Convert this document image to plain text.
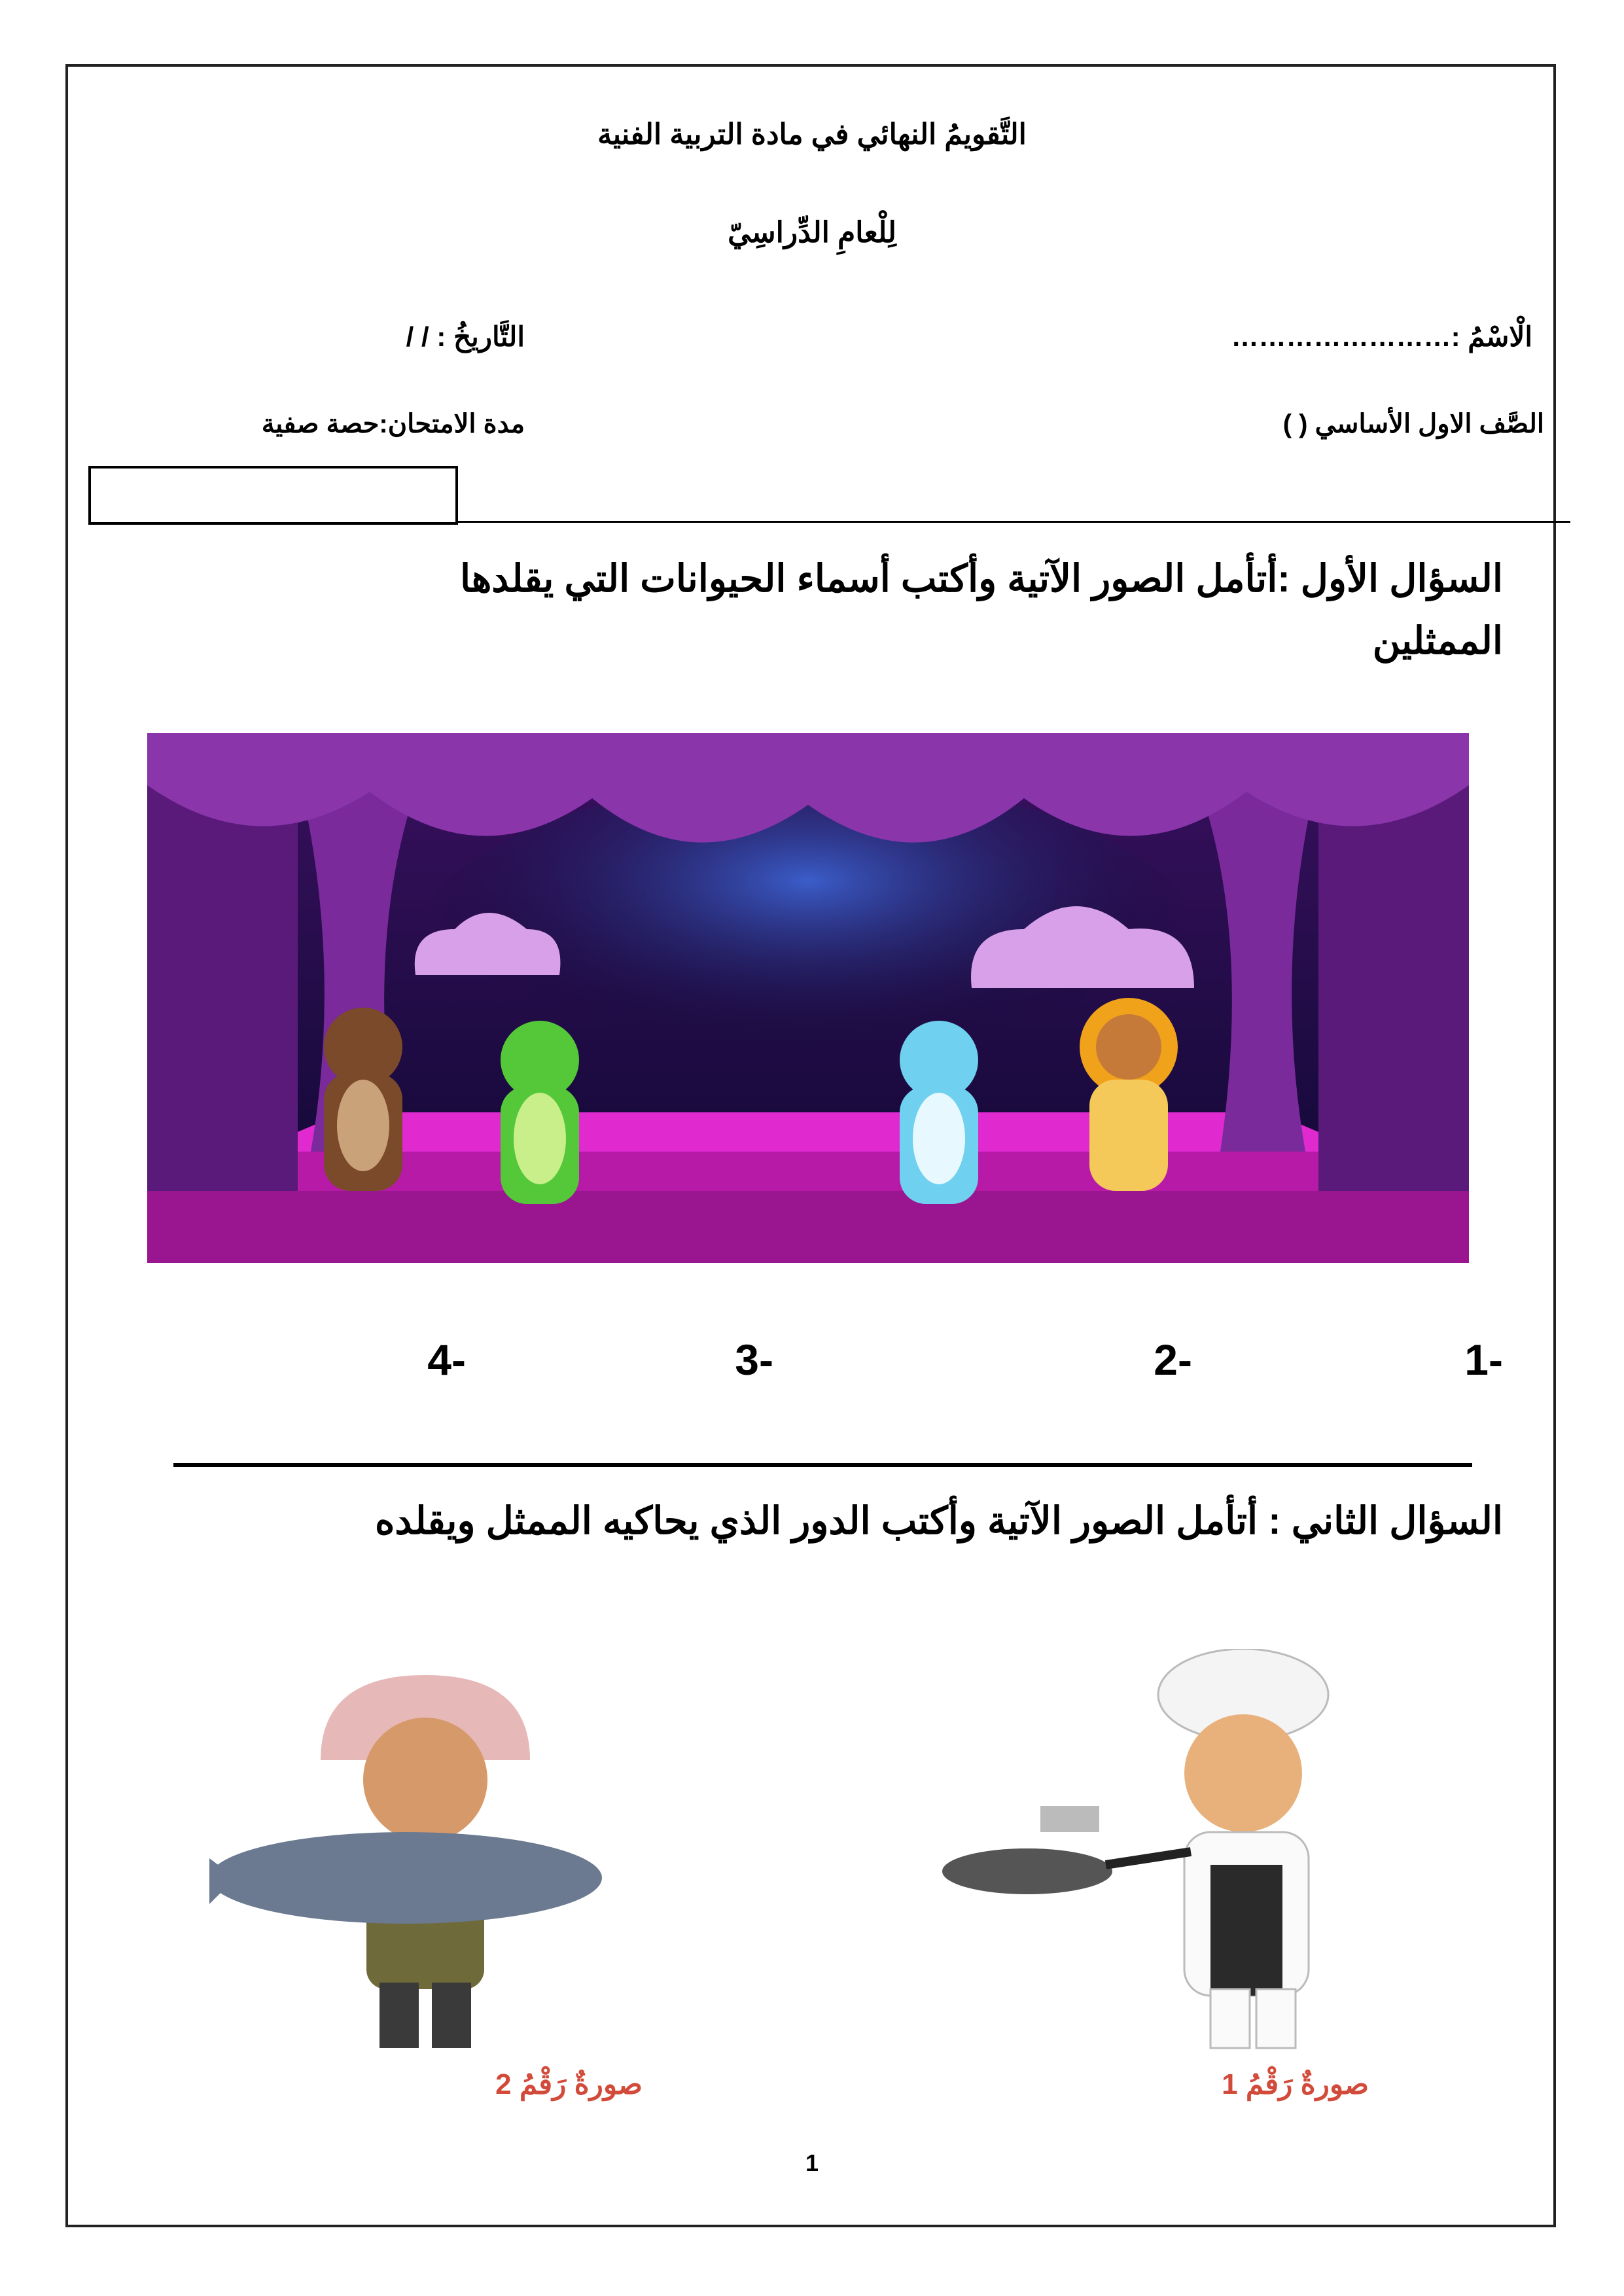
التَّقويمُ النهائي في مادة التربية الفنية
لِلْعامِ الدِّراسِيّ
الْاسْمُ :……………………
التَّاريخُ : / /
الصَّف الاول الأساسي ( )
مدة الامتحان:حصة صفية
السؤال الأول :أتأمل الصور الآتية وأكتب أسماء الحيوانات التي يقلدها
الممثلين
-1
-2
-3
-4
السؤال الثاني : أتأمل الصور الآتية وأكتب الدور الذي يحاكيه الممثل ويقلده
صورةٌ رَقْمُ 2	صورةٌ رَقْمُ 1
1
